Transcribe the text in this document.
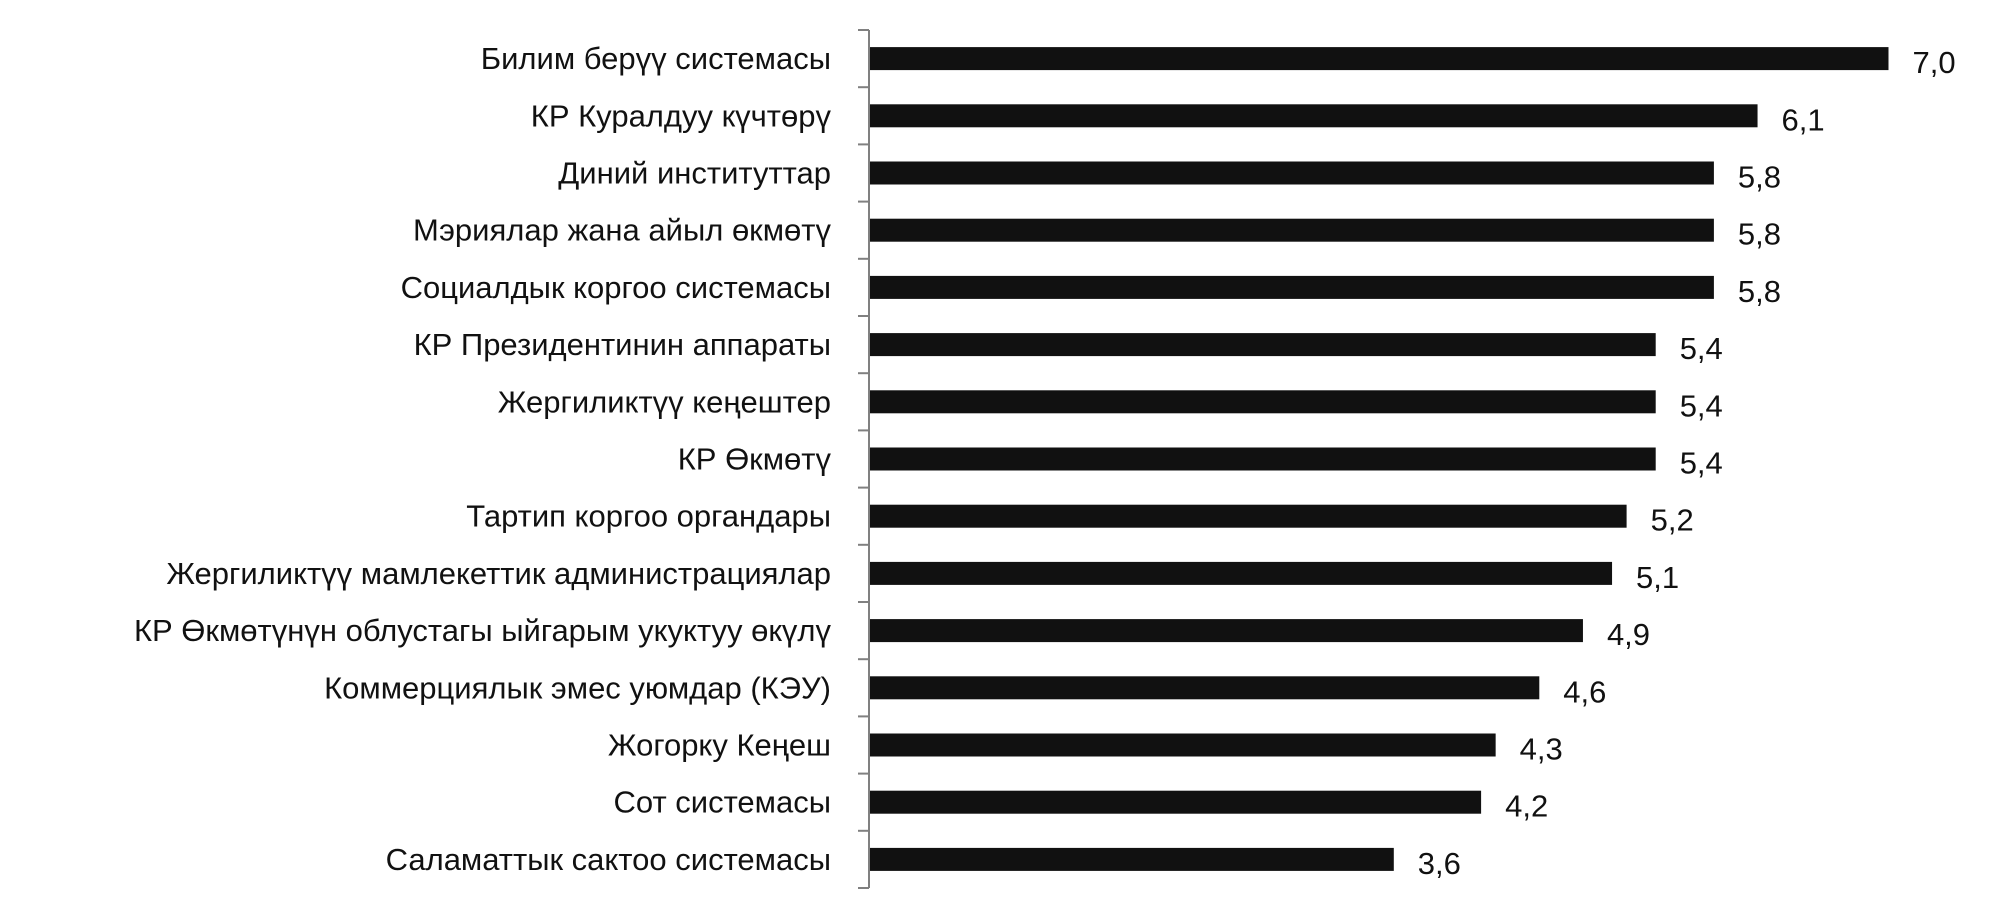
Билим берүү системасы
КР Куралдуу күчтөрү
Диний институттар
Мэриялар жана айыл өкмөтү
Социалдык коргоо системасы
КР Президентинин аппараты
Жергиликтүү кеңештер
КР Өкмөтү
Тартип коргоо органдары
Жергиликтүү мамлекеттик администрациялар
КР Өкмөтүнүн облустагы ыйгарым укуктуу өкүлү
Коммерциялык эмес уюмдар (КЭУ)
Жогорку Кеңеш
Сот системасы
Саламаттык сактоо системасы
7,0
6,1
5,8
5,8
5,8
5,4
5,4
5,4
5,2
5,1
4,9
4,6
4,3
4,2
3,6
